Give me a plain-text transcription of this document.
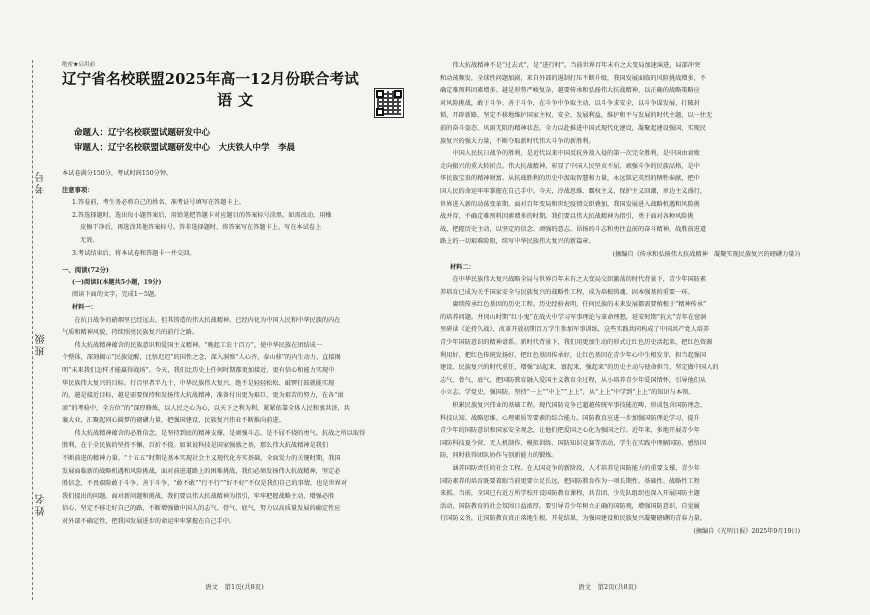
考号
班级
姓名
绝密★启用前
辽宁省名校联盟2025年高一12月份联合考试
语文
命题人：辽宁名校联盟试题研发中心
审题人：辽宁名校联盟试题研发中心　大庆铁人中学　李晨
本试卷满分150分，考试时间150分钟。
注意事项：
1.答卷前，考生务必将自己的姓名、准考证号填写在答题卡上。
2.答选择题时，选出每小题答案后，用铅笔把答题卡对应题目的答案标号涂黑。如需改动，用橡
皮擦干净后，再选涂其他答案标号。答非选择题时，将答案写在答题卡上。写在本试卷上
无效。
3.考试结束后，将本试卷和答题卡一并交回。
一、阅读(72分)
(一)阅读Ⅰ(本题共5小题，19分)
阅读下面的文字，完成1～5题。
材料一：
在抗日战争的硝烟里已经远去，但其铸造的伟大抗战精神，已经内化为中国人民和中华民族的内在
气质和精神风貌，持续照亮民族复兴的前行之路。
伟大抗战精神蕴含的民族意识和爱国主义精神。“晚起工农十百万”，使中华民族在团结成一
个整体，深刻揭示“民族觉醒，比悟迟迟”的国性之念，深入洞察“人心齐，泰山移”的内生动力，直接揭
明“未来我们怎样才能赢得战场”。今天，我们比历史上任何时期都更加接近、更有信心和能力实现中
华民族伟大复兴的目标。行百里者半九十，中华民族伟大复兴，绝不是轻轻松松、敲锣打鼓就能实现
的，越是接近目标，越是需要保持和发扬伟大抗战精神，准备付出更为艰巨、更为艰苦的努力，在各“滚
滚”的考验中，全方位“的”深厚修炼，以人民之心为心，以天下之利为利，紧紧依靠全体人民和衷共济，共
襄大业，汇聚起同心圆梦的磅礴力量，把强国建设、民族复兴伟业不断推向前进。
伟大抗战精神蕴含的必胜信念，是坚持到底的精神支撑，是顽强斗志、是不屈不挠的勇气。抗战之所以取得
胜利，在于全民族的坚持不懈、百折不挠。如果说科技是国家强盛之基，那么伟大抗战精神是我们
不断前进的精神力量。“十五五”时期是基本实现社会主义现代化夯实基础、全面发力的关键时期，我国
发展面临新的战略机遇和风险挑战，面对前进道路上的困难挑战，我们必须发扬伟大抗战精神，坚定必
胜信念，不畏艰险敢于斗争、善于斗争，“敢不敢”“行不行”“好不好”不仅是我们自己的事情，也是世界对
我们提出的问题。面对新问题和挑战，我们要以伟大抗战精神为指引，牢牢把握战略主动，增强必胜
信心，坚定不移走好自己的路，不断增强做中国人的志气、骨气、底气，努力以高质量发展的确定性应
对外部不确定性，把我国发展进步的命运牢牢掌握在自己手中。
伟大抗战精神不是“过去式”，是“进行时”。当前世界百年未有之大变局加速演进，局部冲突
和动荡频发，全球性问题加剧，来自外部的遏制打压不断升级，我国发展面临的风险挑战增多，不
确定难预料因素增多。越是形势严峻复杂，越要传承和弘扬伟大抗战精神，以正确的战略策略应
对风险挑战，敢于斗争、善于斗争，在斗争中争取主动，以斗争求安全，以斗争谋发展，打破封
锁，开辟新路，坚定不移地维护国家主权、安全、发展利益，维护和平与发展的时代主题，以一往无
前的奋斗姿态、风雨无阻的精神状态，全力以赴推进中国式现代化建设，凝聚起建设强国、实现民
族复兴的强大力量，不断夺取新时代伟大斗争的新胜利。
中国人民抗日战争的胜利，是近代以来中国反抗外敌入侵的第一次完全胜利，是中国由衰败
走向振兴的重大转折点。伟大抗战精神，彰显了中国人民坚贞不屈、顽强斗争的民族品格，是中
华民族宝贵的精神财富。从抗战胜利的历史中汲取智慧和力量，永远铭记英烈的牺牲奉献，把中
国人民的命运牢牢掌握在自己手中。今天，冷战思维、霸权主义、保护主义回潮，单边主义盛行，
世界进入新的动荡变革期，面对百年变局和世纪疫情交织叠加，我国发展进入战略机遇和风险挑
战并存、不确定难预料因素增多的时期。我们要以伟大抗战精神为指引，勇于面对各种风险挑
战，把握历史主动，以坚定的信念、顽强的意志、昂扬的斗志和勇往直前的奋斗精神，战胜前进道
路上的一切艰难险阻，续写中华民族伟大复兴的新篇章。
(摘编自《传承和弘扬伟大抗战精神　凝聚实现民族复兴的磅礴力量》)
材料二：
在中华民族伟大复兴战略全局与世界百年未有之大变局交织激荡的时代背景下，青少年国防素
养培育已成为关乎国家安全与民族复兴的战略性工程，成为培根铸魂、固本强基的重要一环。
赓续传承红色基因的历史工程。历史经验表明，任何民族的未来发展都需要植根于“精神传承”
的培养问题。井冈山时期“红小鬼”在战火中学习军事理论与革命理想，延安时期“抗大”青年在窑洞
里研读《论持久战》，改革开放初期百万学生参加军事训练，这些实践共同构成了中国共产党人培养
青少年国防意识的精神谱系。新时代背景下，我们用更加生动的形式让红色历史活起来，把红色资源
利用好、把红色传统发扬好、把红色基因传承好，让红色基因在青少年心中生根发芽，担当起强国
建设、民族复兴的时代重任，增强“站起来、富起来、强起来”的历史主动与使命担当，坚定做中国人的
志气、骨气、底气，把国防教育融入爱国主义教育全过程，从小培养青少年爱国情怀，引导他们从
小立志、学党史、强国防，坚持“一上”“中上”“上上”，从“上上”中学到“上上”的知识与本领。
积累民族复兴伟业的基础工程。现代国防竞争已超越传统军事技能范畴，形成包含国防理念、
科技认知、战略思维、心理素质等要素的综合能力。国防教育应进一步加强国防理论学习，提升
青少年的国防意识和国家安全观念，让他们把爱国之心化为强国之行。近年来，多地开展青少年
国防科技夏令营、无人机制作、模拟训练、国防知识竞赛等活动，学生在实践中理解国防、感悟国
防，同时获得团队协作与创新能力的锻炼。
涵养国防责任的社会工程。在大国竞争的新阶段，人才培养是国防能力的重要支撑，青少年
国防素养的培育既要着眼当前更要立足长远，把国防教育作为一项长期性、基础性、战略性工程
来抓。当前，全国已有近万所学校开设国防教育课程，共青团、少先队组织也深入开展国防主题
活动，国防教育的社会氛围日益浓厚。要引导青少年树立正确的国防观，增强国防意识，自觉履
行国防义务，让国防教育真正落地生根、开花结果，为强国建设和民族复兴凝聚磅礴的青春力量。
(摘编自《光明日报》2025年9月19日)
语文　第1页(共8页)	语文　第2页(共8页)
